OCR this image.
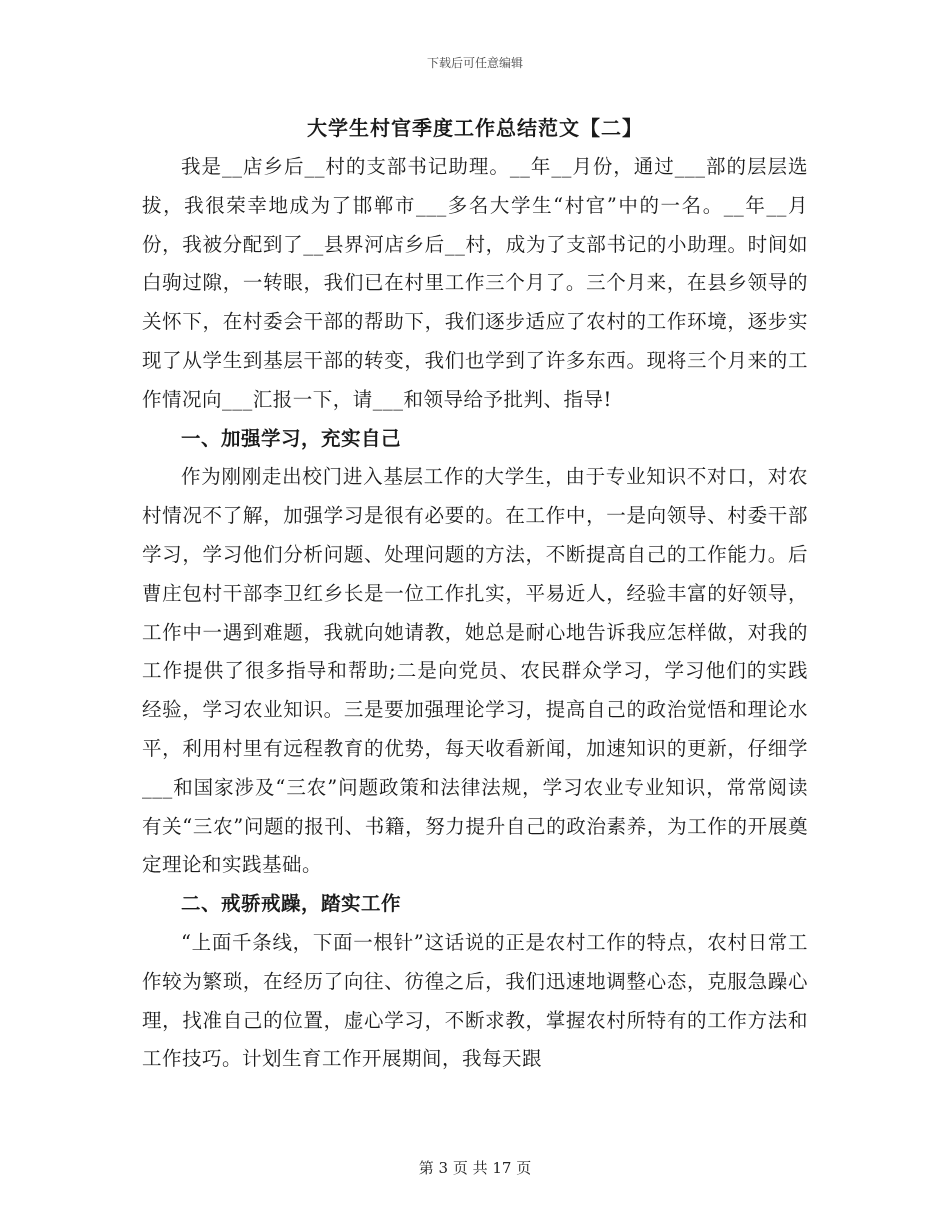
下载后可任意编辑
大学生村官季度工作总结范文【二】

我是__店乡后__村的支部书记助理。__年__月份，通过___部的层层选拔，我很荣幸地成为了邯郸市___多名大学生“村官”中的一名。__年__月份，我被分配到了__县界河店乡后__村，成为了支部书记的小助理。时间如白驹过隙，一转眼，我们已在村里工作三个月了。三个月来，在县乡领导的关怀下，在村委会干部的帮助下，我们逐步适应了农村的工作环境，逐步实现了从学生到基层干部的转变，我们也学到了许多东西。现将三个月来的工作情况向___汇报一下，请___和领导给予批判、指导!

一、加强学习，充实自己

作为刚刚走出校门进入基层工作的大学生，由于专业知识不对口，对农村情况不了解，加强学习是很有必要的。在工作中，一是向领导、村委干部学习，学习他们分析问题、处理问题的方法，不断提高自己的工作能力。后曹庄包村干部李卫红乡长是一位工作扎实，平易近人，经验丰富的好领导，工作中一遇到难题，我就向她请教，她总是耐心地告诉我应怎样做，对我的工作提供了很多指导和帮助;二是向党员、农民群众学习，学习他们的实践经验，学习农业知识。三是要加强理论学习，提高自己的政治觉悟和理论水平，利用村里有远程教育的优势，每天收看新闻，加速知识的更新，仔细学___和国家涉及“三农”问题政策和法律法规，学习农业专业知识，常常阅读有关“三农”问题的报刊、书籍，努力提升自己的政治素养，为工作的开展奠定理论和实践基础。

二、戒骄戒躁，踏实工作

“上面千条线，下面一根针”这话说的正是农村工作的特点，农村日常工作较为繁琐，在经历了向往、彷徨之后，我们迅速地调整心态，克服急躁心理，找准自己的位置，虚心学习，不断求教，掌握农村所特有的工作方法和工作技巧。计划生育工作开展期间，我每天跟

第 3 页 共 17 页
